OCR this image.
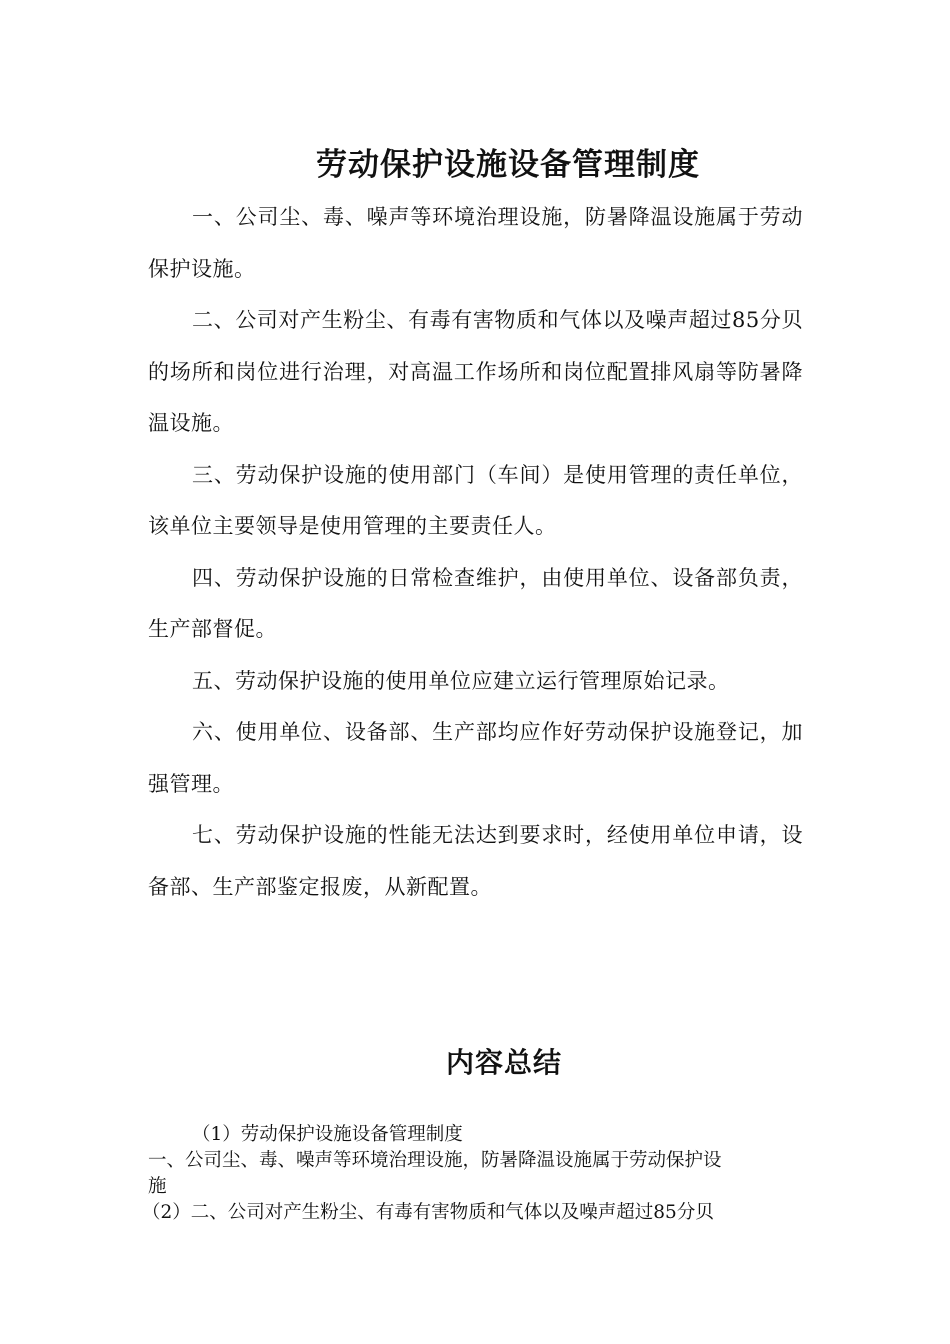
劳动保护设施设备管理制度

一、公司尘、毒、噪声等环境治理设施，防暑降温设施属于劳动保护设施。

二、公司对产生粉尘、有毒有害物质和气体以及噪声超过85分贝的场所和岗位进行治理，对高温工作场所和岗位配置排风扇等防暑降温设施。

三、劳动保护设施的使用部门（车间）是使用管理的责任单位，该单位主要领导是使用管理的主要责任人。

四、劳动保护设施的日常检查维护，由使用单位、设备部负责，生产部督促。

五、劳动保护设施的使用单位应建立运行管理原始记录。

六、使用单位、设备部、生产部均应作好劳动保护设施登记，加强管理。

七、劳动保护设施的性能无法达到要求时，经使用单位申请，设备部、生产部鉴定报废，从新配置。

内容总结

（1）劳动保护设施设备管理制度

一、公司尘、毒、噪声等环境治理设施，防暑降温设施属于劳动保护设

施

（2）二、公司对产生粉尘、有毒有害物质和气体以及噪声超过85分贝
